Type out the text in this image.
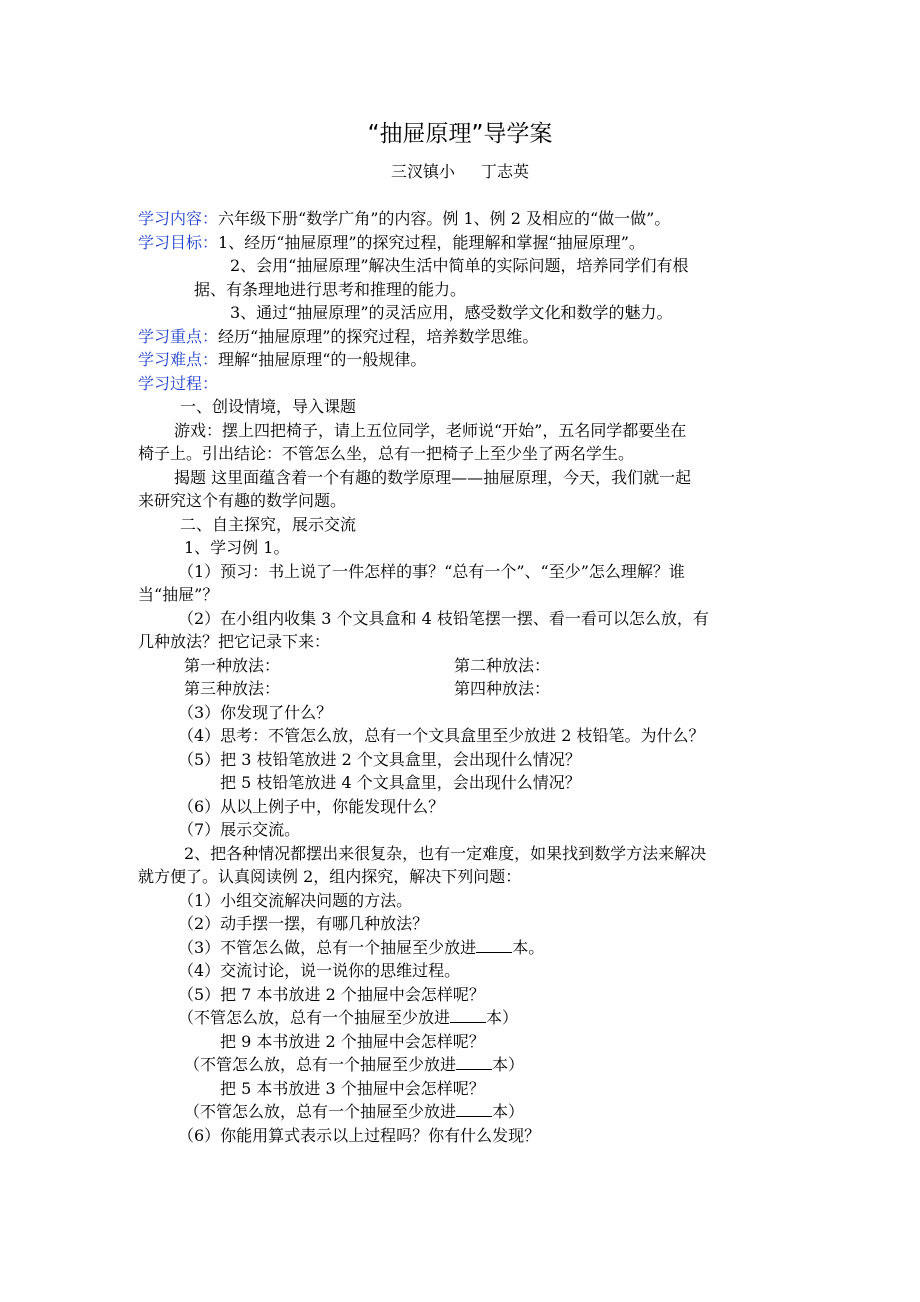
“抽屉原理”导学案
三汊镇小 丁志英
学习内容：六年级下册“数学广角”的内容。例 1、例 2 及相应的“做一做”。
学习目标：1、经历“抽屉原理”的探究过程，能理解和掌握“抽屉原理”。
2、会用“抽屉原理”解决生活中简单的实际问题，培养同学们有根
据、有条理地进行思考和推理的能力。
3、通过“抽屉原理”的灵活应用，感受数学文化和数学的魅力。
学习重点：经历“抽屉原理”的探究过程，培养数学思维。
学习难点：理解“抽屉原理“的一般规律。
学习过程：
一、创设情境，导入课题
游戏：摆上四把椅子，请上五位同学，老师说“开始”，五名同学都要坐在
椅子上。引出结论：不管怎么坐，总有一把椅子上至少坐了两名学生。
揭题 这里面蕴含着一个有趣的数学原理——抽屉原理，今天，我们就一起
来研究这个有趣的数学问题。
二、自主探究，展示交流
1、学习例 1。
（1）预习：书上说了一件怎样的事？“总有一个”、“至少”怎么理解？谁
当“抽屉”？
（2）在小组内收集 3 个文具盒和 4 枝铅笔摆一摆、看一看可以怎么放，有
几种放法？把它记录下来：
第一种放法：	第二种放法：
第三种放法：	第四种放法：
（3）你发现了什么？
（4）思考：不管怎么放，总有一个文具盒里至少放进 2 枝铅笔。为什么？
（5）把 3 枝铅笔放进 2 个文具盒里，会出现什么情况？
把 5 枝铅笔放进 4 个文具盒里，会出现什么情况？
（6）从以上例子中，你能发现什么？
（7）展示交流。
2、把各种情况都摆出来很复杂，也有一定难度，如果找到数学方法来解决
就方便了。认真阅读例 2，组内探究，解决下列问题：
（1）小组交流解决问题的方法。
（2）动手摆一摆，有哪几种放法？
（3）不管怎么做，总有一个抽屉至少放进 本。
（4）交流讨论，说一说你的思维过程。
（5）把 7 本书放进 2 个抽屉中会怎样呢？
（不管怎么放，总有一个抽屉至少放进 本）
把 9 本书放进 2 个抽屉中会怎样呢？
（不管怎么放，总有一个抽屉至少放进 本）
把 5 本书放进 3 个抽屉中会怎样呢？
（不管怎么放，总有一个抽屉至少放进 本）
（6）你能用算式表示以上过程吗？你有什么发现？
